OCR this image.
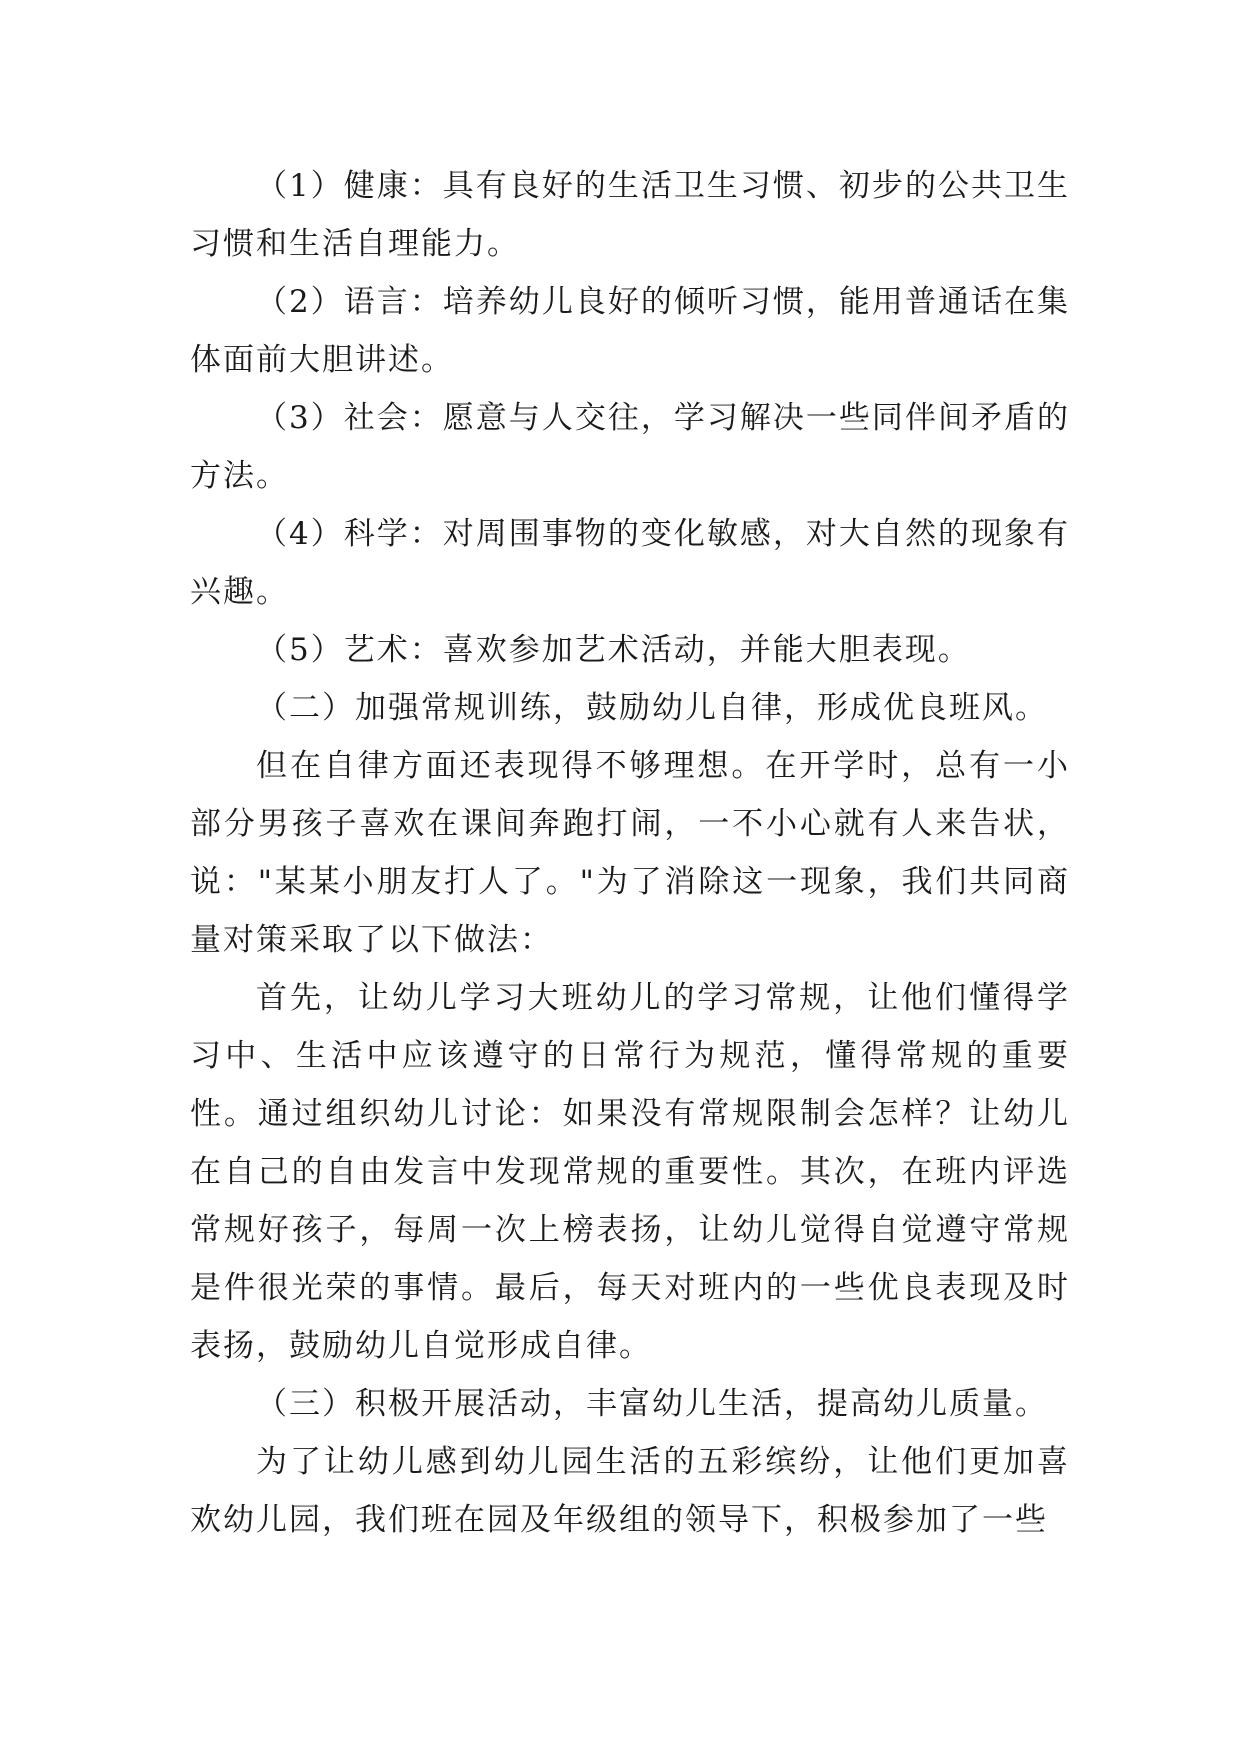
（1）健康：具有良好的生活卫生习惯、初步的公共卫生习惯和生活自理能力。

（2）语言：培养幼儿良好的倾听习惯，能用普通话在集体面前大胆讲述。

（3）社会：愿意与人交往，学习解决一些同伴间矛盾的方法。

（4）科学：对周围事物的变化敏感，对大自然的现象有兴趣。

（5）艺术：喜欢参加艺术活动，并能大胆表现。

（二）加强常规训练，鼓励幼儿自律，形成优良班风。

但在自律方面还表现得不够理想。在开学时，总有一小部分男孩子喜欢在课间奔跑打闹，一不小心就有人来告状，说："某某小朋友打人了。"为了消除这一现象，我们共同商量对策采取了以下做法：

首先，让幼儿学习大班幼儿的学习常规，让他们懂得学习中、生活中应该遵守的日常行为规范，懂得常规的重要性。通过组织幼儿讨论：如果没有常规限制会怎样？让幼儿在自己的自由发言中发现常规的重要性。其次，在班内评选常规好孩子，每周一次上榜表扬，让幼儿觉得自觉遵守常规是件很光荣的事情。最后，每天对班内的一些优良表现及时表扬，鼓励幼儿自觉形成自律。

（三）积极开展活动，丰富幼儿生活，提高幼儿质量。

为了让幼儿感到幼儿园生活的五彩缤纷，让他们更加喜欢幼儿园，我们班在园及年级组的领导下，积极参加了一些
